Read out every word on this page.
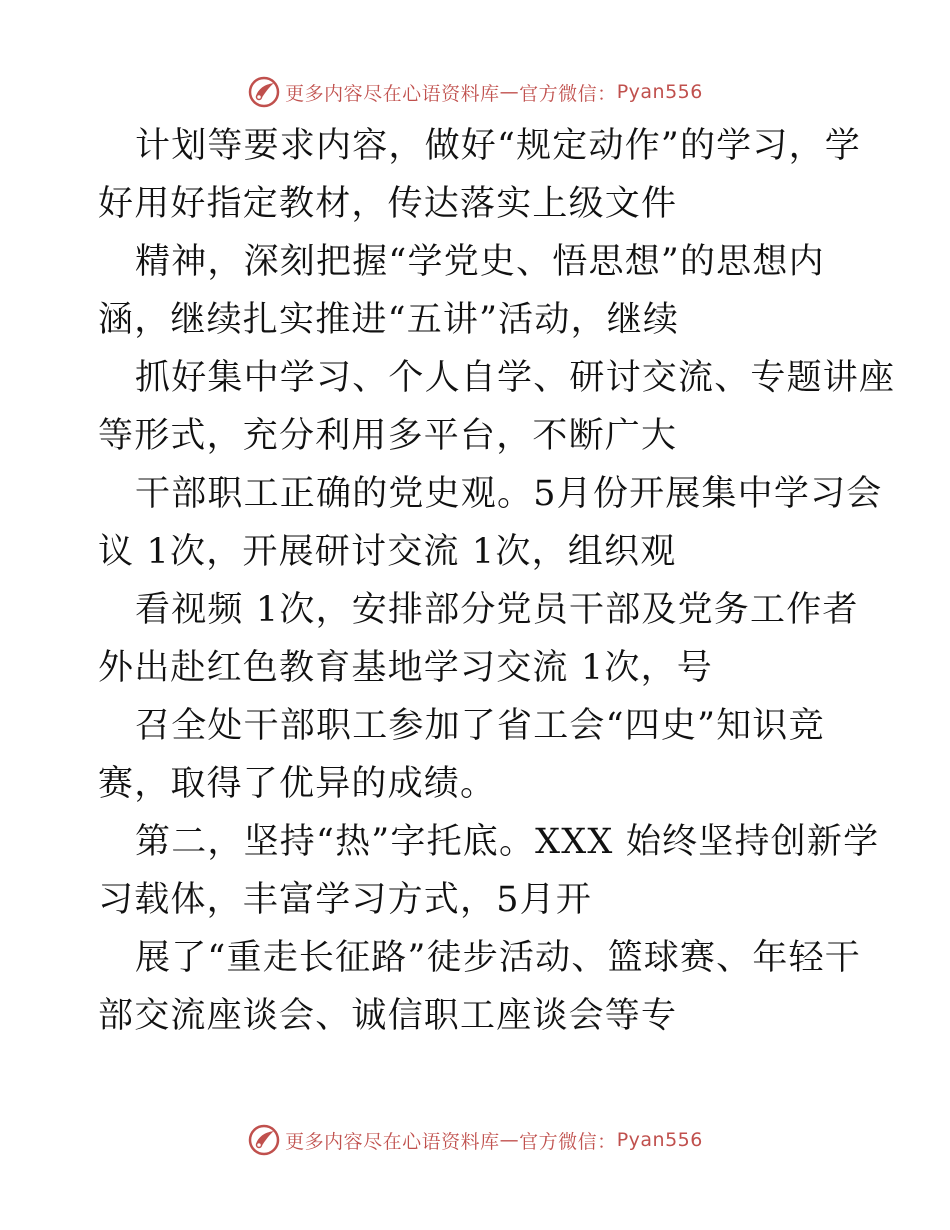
更多内容尽在心语资料库 — 官方微信： Pyan556
计划等要求内容，做好“规定动作”的学习，学
好用好指定教材，传达落实上级文件
精神，深刻把握“学党史、悟思想”的思想内
涵，继续扎实推进“五讲”活动，继续
抓好集中学习、个人自学、研讨交流、专题讲座
等形式，充分利用多平台，不断广大
干部职工正确的党史观。5月份开展集中学习会
议 1次，开展研讨交流 1次，组织观
看视频 1次，安排部分党员干部及党务工作者
外出赴红色教育基地学习交流 1次，号
召全处干部职工参加了省工会“四史”知识竞
赛，取得了优异的成绩。
第二，坚持“热”字托底。XXX 始终坚持创新学
习载体，丰富学习方式，5月开
展了“重走长征路”徒步活动、篮球赛、年轻干
部交流座谈会、诚信职工座谈会等专
更多内容尽在心语资料库 — 官方微信： Pyan556
